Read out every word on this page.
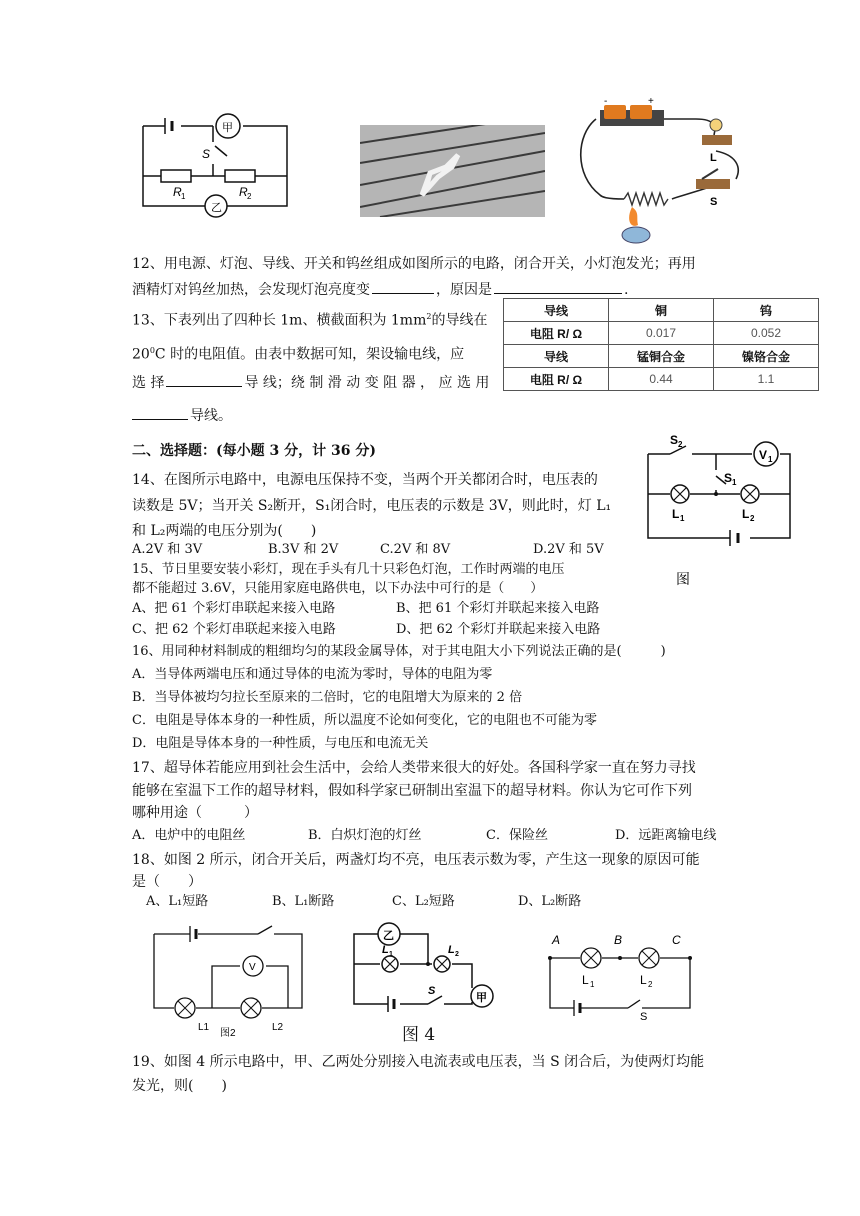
S
甲
乙
R 1	R 2
-	+
L
S
12、用电源、灯泡、导线、开关和钨丝组成如图所示的电路，闭合开关，小灯泡发光；再用
酒精灯对钨丝加热，会发现灯泡亮度变	，原因是	.
13、下表列出了四种长 1m、横截面积为 $1mm^2$的导线在
$20^0C$ 时的电阻值。由表中数据可知，架设输电线，应
选 择	导 线；绕 制 滑 动 变 阻 器 ， 应 选 用
导线。
导线	铜	钨
电阻 R/ Ω	0.017	0.052
导线	锰铜合金	镍铬合金
电阻 R/ Ω	0.44	1.1
二、选择题：(每小题 3 分，计 36 分)
S 2
S 1
V 1
L 1	L 2
图
14、在图所示电路中，电源电压保持不变，当两个开关都闭合时，电压表的
读数是 5V；当开关 S₂断开，S₁闭合时，电压表的示数是 3V，则此时，灯 L₁
和 L₂两端的电压分别为(　　)
A.2V 和 3V	B.3V 和 2V	C.2V 和 8V	D.2V 和 5V
15、节日里要安装小彩灯，现在手头有几十只彩色灯泡，工作时两端的电压
都不能超过 3.6V，只能用家庭电路供电，以下办法中可行的是（　　）
A、把 61 个彩灯串联起来接入电路	B、把 61 个彩灯并联起来接入电路
C、把 62 个彩灯串联起来接入电路	D、把 62 个彩灯并联起来接入电路
16、用同种材料制成的粗细均匀的某段金属导体，对于其电阻大小下列说法正确的是(　　　)
A．当导体两端电压和通过导体的电流为零时，导体的电阻为零
B．当导体被均匀拉长至原来的二倍时，它的电阻增大为原来的 2 倍
C．电阻是导体本身的一种性质，所以温度不论如何变化，它的电阻也不可能为零
D．电阻是导体本身的一种性质，与电压和电流无关
17、超导体若能应用到社会生活中，会给人类带来很大的好处。各国科学家一直在努力寻找
能够在室温下工作的超导材料，假如科学家已研制出室温下的超导材料。你认为它可作下列
哪种用途（　　　）
A．电炉中的电阻丝	B．白炽灯泡的灯丝	C．保险丝	D．远距离输电线
18、如图 2 所示，闭合开关后，两盏灯均不亮，电压表示数为零，产生这一现象的原因可能
是（　　）
A、L₁短路	B、L₁断路	C、L₂短路	D、L₂断路
V
L1	L2
图2
乙
甲
L 1	L 2
S
图 4
A	B	C
L 1	L 2
S
19、如图 4 所示电路中，甲、乙两处分别接入电流表或电压表，当 S 闭合后，为使两灯均能
发光，则(　　)
